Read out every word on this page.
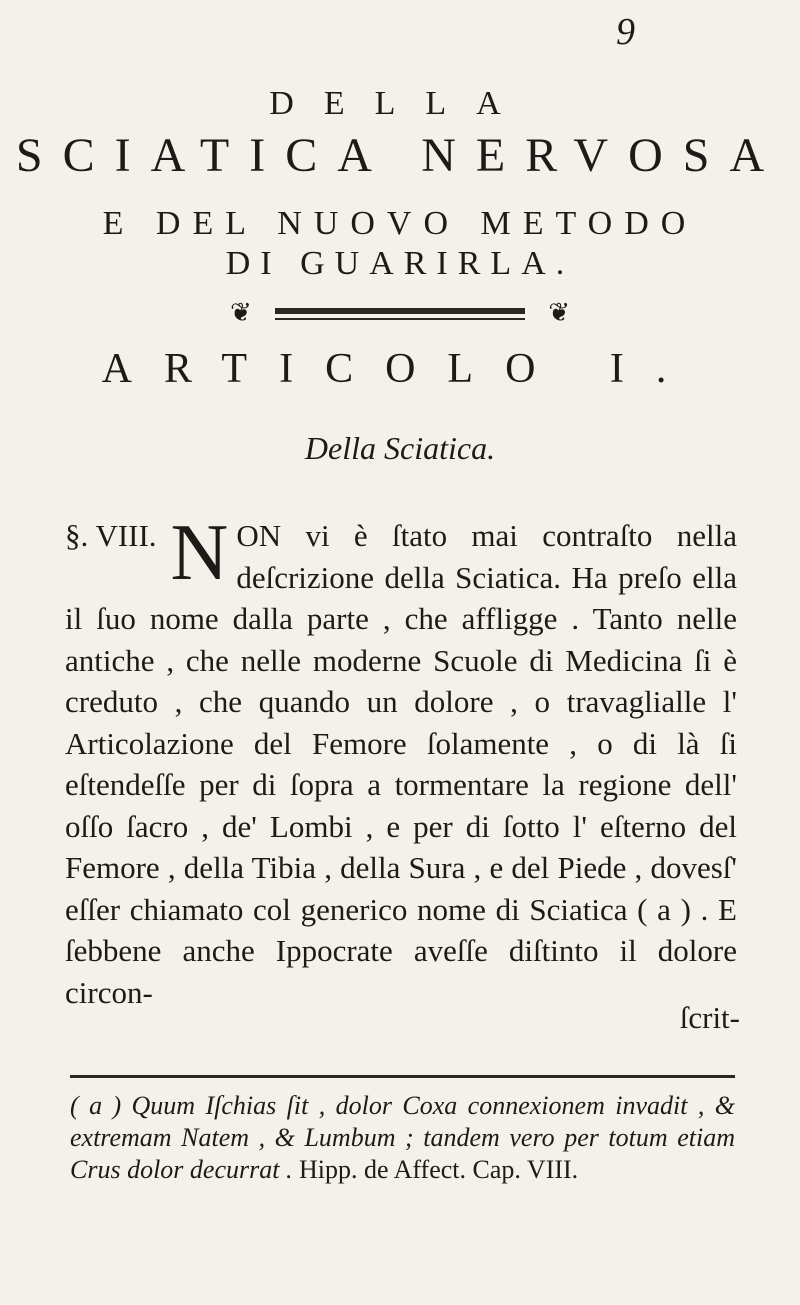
9
DELLA
SCIATICA NERVOSA
E DEL NUOVO METODO
DI GUARIRLA.
❦	❦
ARTICOLO I.
Della Sciatica.
§. VIII. N ON vi è ſtato mai contraſto nella deſcrizione della Sciatica. Ha preſo ella il ſuo nome dalla parte , che affligge . Tanto nelle antiche , che nelle moderne Scuole di Medicina ſi è creduto , che quando un dolore , o travaglialle l' Articolazione del Femore ſolamente , o di là ſi eſtendeſſe per di ſopra a tormentare la regione dell' oſſo ſacro , de' Lombi , e per di ſotto l' eſterno del Femore , della Tibia , della Sura , e del Piede , dovesſ' eſſer chiamato col generico nome di Sciatica ( a ) . E ſebbene anche Ippocrate aveſſe diſtinto il dolore circon-
ſcrit-
( a ) Quum Iſchias ſit , dolor Coxa connexionem invadit , & extremam Natem , & Lumbum ; tandem vero per totum etiam Crus dolor decurrat . Hipp. de Affect. Cap. VIII.
